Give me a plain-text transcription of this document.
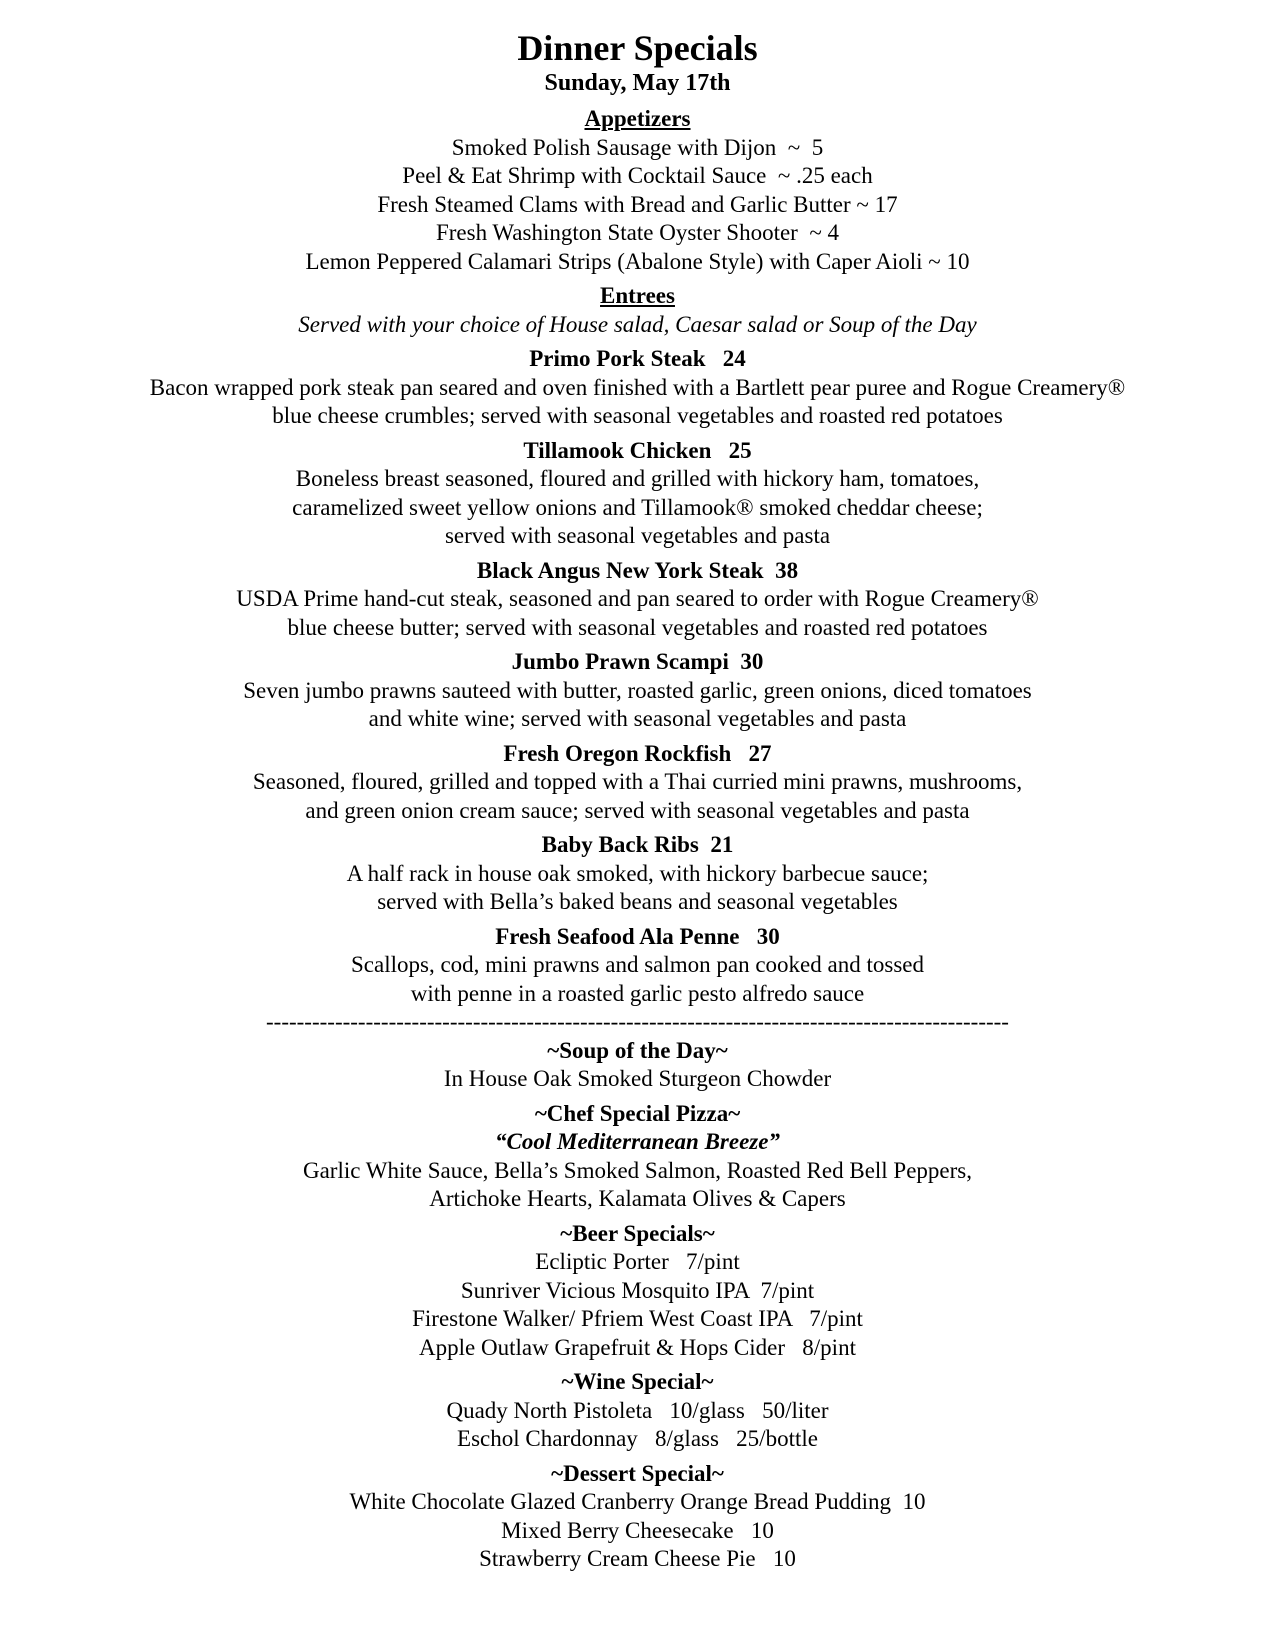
Dinner Specials
Sunday, May 17th
Appetizers
Smoked Polish Sausage with Dijon  ~  5
Peel & Eat Shrimp with Cocktail Sauce  ~ .25 each
Fresh Steamed Clams with Bread and Garlic Butter ~ 17
Fresh Washington State Oyster Shooter  ~ 4
Lemon Peppered Calamari Strips (Abalone Style) with Caper Aioli ~ 10
Entrees
Served with your choice of House salad, Caesar salad or Soup of the Day
Primo Pork Steak   24
Bacon wrapped pork steak pan seared and oven finished with a Bartlett pear puree and Rogue Creamery®
blue cheese crumbles; served with seasonal vegetables and roasted red potatoes
Tillamook Chicken   25
Boneless breast seasoned, floured and grilled with hickory ham, tomatoes,
caramelized sweet yellow onions and Tillamook® smoked cheddar cheese;
served with seasonal vegetables and pasta
Black Angus New York Steak  38
USDA Prime hand-cut steak, seasoned and pan seared to order with Rogue Creamery®
blue cheese butter; served with seasonal vegetables and roasted red potatoes
Jumbo Prawn Scampi  30
Seven jumbo prawns sauteed with butter, roasted garlic, green onions, diced tomatoes
and white wine; served with seasonal vegetables and pasta
Fresh Oregon Rockfish   27
Seasoned, floured, grilled and topped with a Thai curried mini prawns, mushrooms,
and green onion cream sauce; served with seasonal vegetables and pasta
Baby Back Ribs  21
A half rack in house oak smoked, with hickory barbecue sauce;
served with Bella’s baked beans and seasonal vegetables
Fresh Seafood Ala Penne   30
Scallops, cod, mini prawns and salmon pan cooked and tossed
with penne in a roasted garlic pesto alfredo sauce
-------------------------------------------------------------------------------------------------
~Soup of the Day~
In House Oak Smoked Sturgeon Chowder
~Chef Special Pizza~
“Cool Mediterranean Breeze”
Garlic White Sauce, Bella’s Smoked Salmon, Roasted Red Bell Peppers,
Artichoke Hearts, Kalamata Olives & Capers
~Beer Specials~
Ecliptic Porter   7/pint
Sunriver Vicious Mosquito IPA  7/pint
Firestone Walker/ Pfriem West Coast IPA   7/pint
Apple Outlaw Grapefruit & Hops Cider   8/pint
~Wine Special~
Quady North Pistoleta   10/glass   50/liter
Eschol Chardonnay   8/glass   25/bottle
~Dessert Special~
White Chocolate Glazed Cranberry Orange Bread Pudding  10
Mixed Berry Cheesecake   10
Strawberry Cream Cheese Pie   10
